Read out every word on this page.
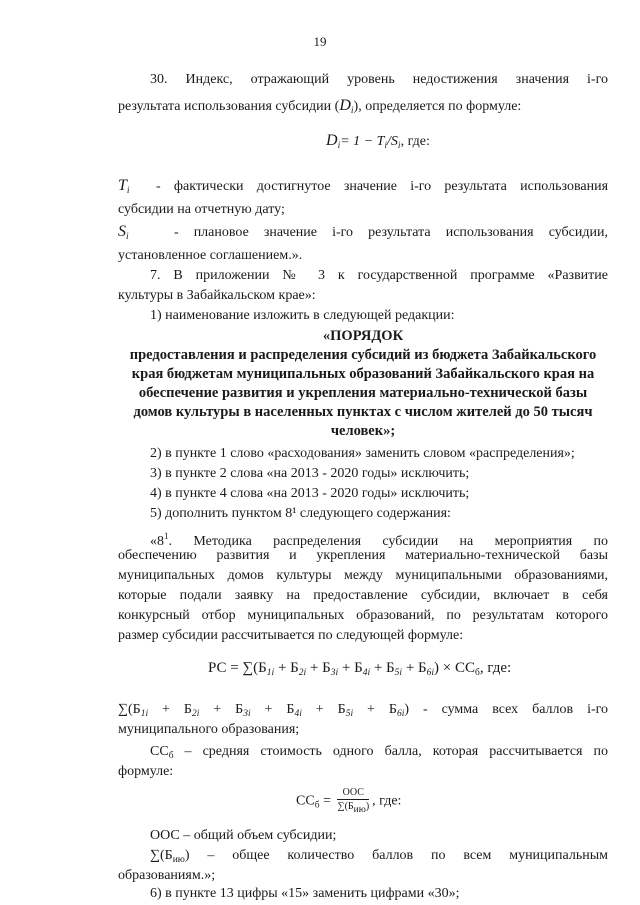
19
30. Индекс, отражающий уровень недостижения значения i-го
результата использования субсидии $(D_i)$, определяется по формуле:
$D_i= 1 - T_i/S_i$, где:
$T_i$ - фактически достигнутое значение i-го результата использования
субсидии на отчетную дату;
$S_i$	- плановое значение i-го результата использования субсидии,
установленное соглашением.».
7. В приложении № 3 к государственной программе «Развитие
культуры в Забайкальском крае»:
1) наименование изложить в следующей редакции:
«ПОРЯДОК
предоставления и распределения субсидий из бюджета Забайкальского
края бюджетам муниципальных образований Забайкальского края на
обеспечение развития и укрепления материально-технической базы
домов культуры в населенных пунктах с числом жителей до 50 тысяч
человек»;
2) в пункте 1 слово «расходования» заменить словом «распределения»;
3) в пункте 2 слова «на 2013 - 2020 годы» исключить;
4) в пункте 4 слова «на 2013 - 2020 годы» исключить;
5) дополнить пунктом 8¹ следующего содержания:
«$8^1$. Методика распределения субсидии на мероприятия по
обеспечению развития и укрепления материально-технической базы
муниципальных домов культуры между муниципальными образованиями,
которые подали заявку на предоставление субсидии, включает в себя
конкурсный отбор муниципальных образований, по результатам которого
размер субсидии рассчитывается по следующей формуле:
РС = $\sum(Б_{1i} + Б_{2i} + Б_{3i} + Б_{4i} + Б_{5i} + Б_{6i}) \times СС_б$, где:
$\sum(Б_{1i} + Б_{2i} + Б_{3i} + Б_{4i} + Б_{5i} + Б_{6i})$ - сумма всех баллов i-го
муниципального образования;
$СС_б$ – средняя стоимость одного балла, которая рассчитывается по
формуле:
$СС_б = \frac{\text{ООС}}{\text{∑(Бию)}}$ , где:
ООС – общий объем субсидии;
$\sum(Б_{ию})$ – общее количество баллов по всем муниципальным
образованиям.»;
6) в пункте 13 цифры «15» заменить цифрами «30»;
